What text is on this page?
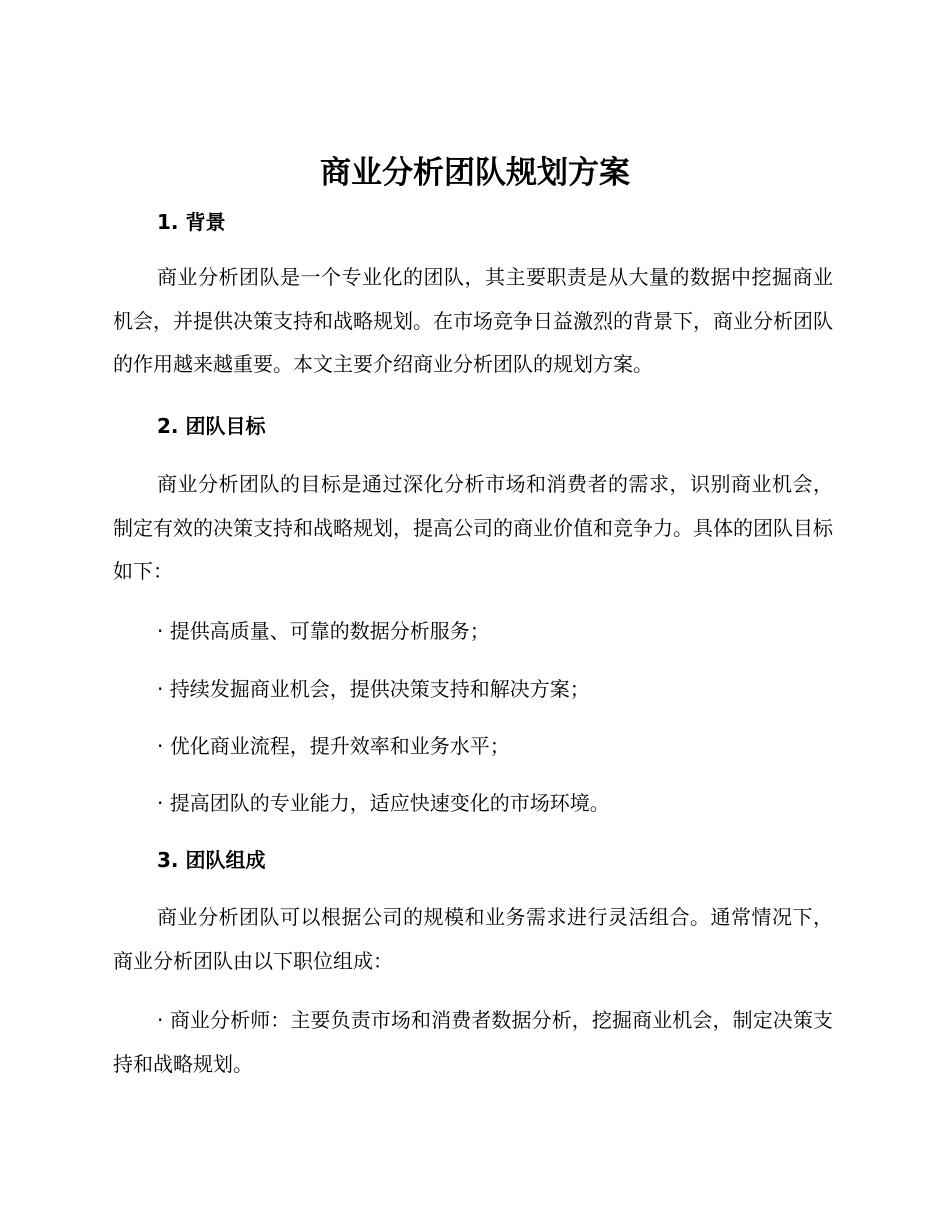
商业分析团队规划方案
1. 背景

商业分析团队是一个专业化的团队，其主要职责是从大量的数据中挖掘商业机会，并提供决策支持和战略规划。在市场竞争日益激烈的背景下，商业分析团队的作用越来越重要。本文主要介绍商业分析团队的规划方案。

2. 团队目标

商业分析团队的目标是通过深化分析市场和消费者的需求，识别商业机会，制定有效的决策支持和战略规划，提高公司的商业价值和竞争力。具体的团队目标如下：

· 提供高质量、可靠的数据分析服务；
· 持续发掘商业机会，提供决策支持和解决方案；
· 优化商业流程，提升效率和业务水平；
· 提高团队的专业能力，适应快速变化的市场环境。
3. 团队组成

商业分析团队可以根据公司的规模和业务需求进行灵活组合。通常情况下，商业分析团队由以下职位组成：

· 商业分析师：主要负责市场和消费者数据分析，挖掘商业机会，制定决策支持和战略规划。
